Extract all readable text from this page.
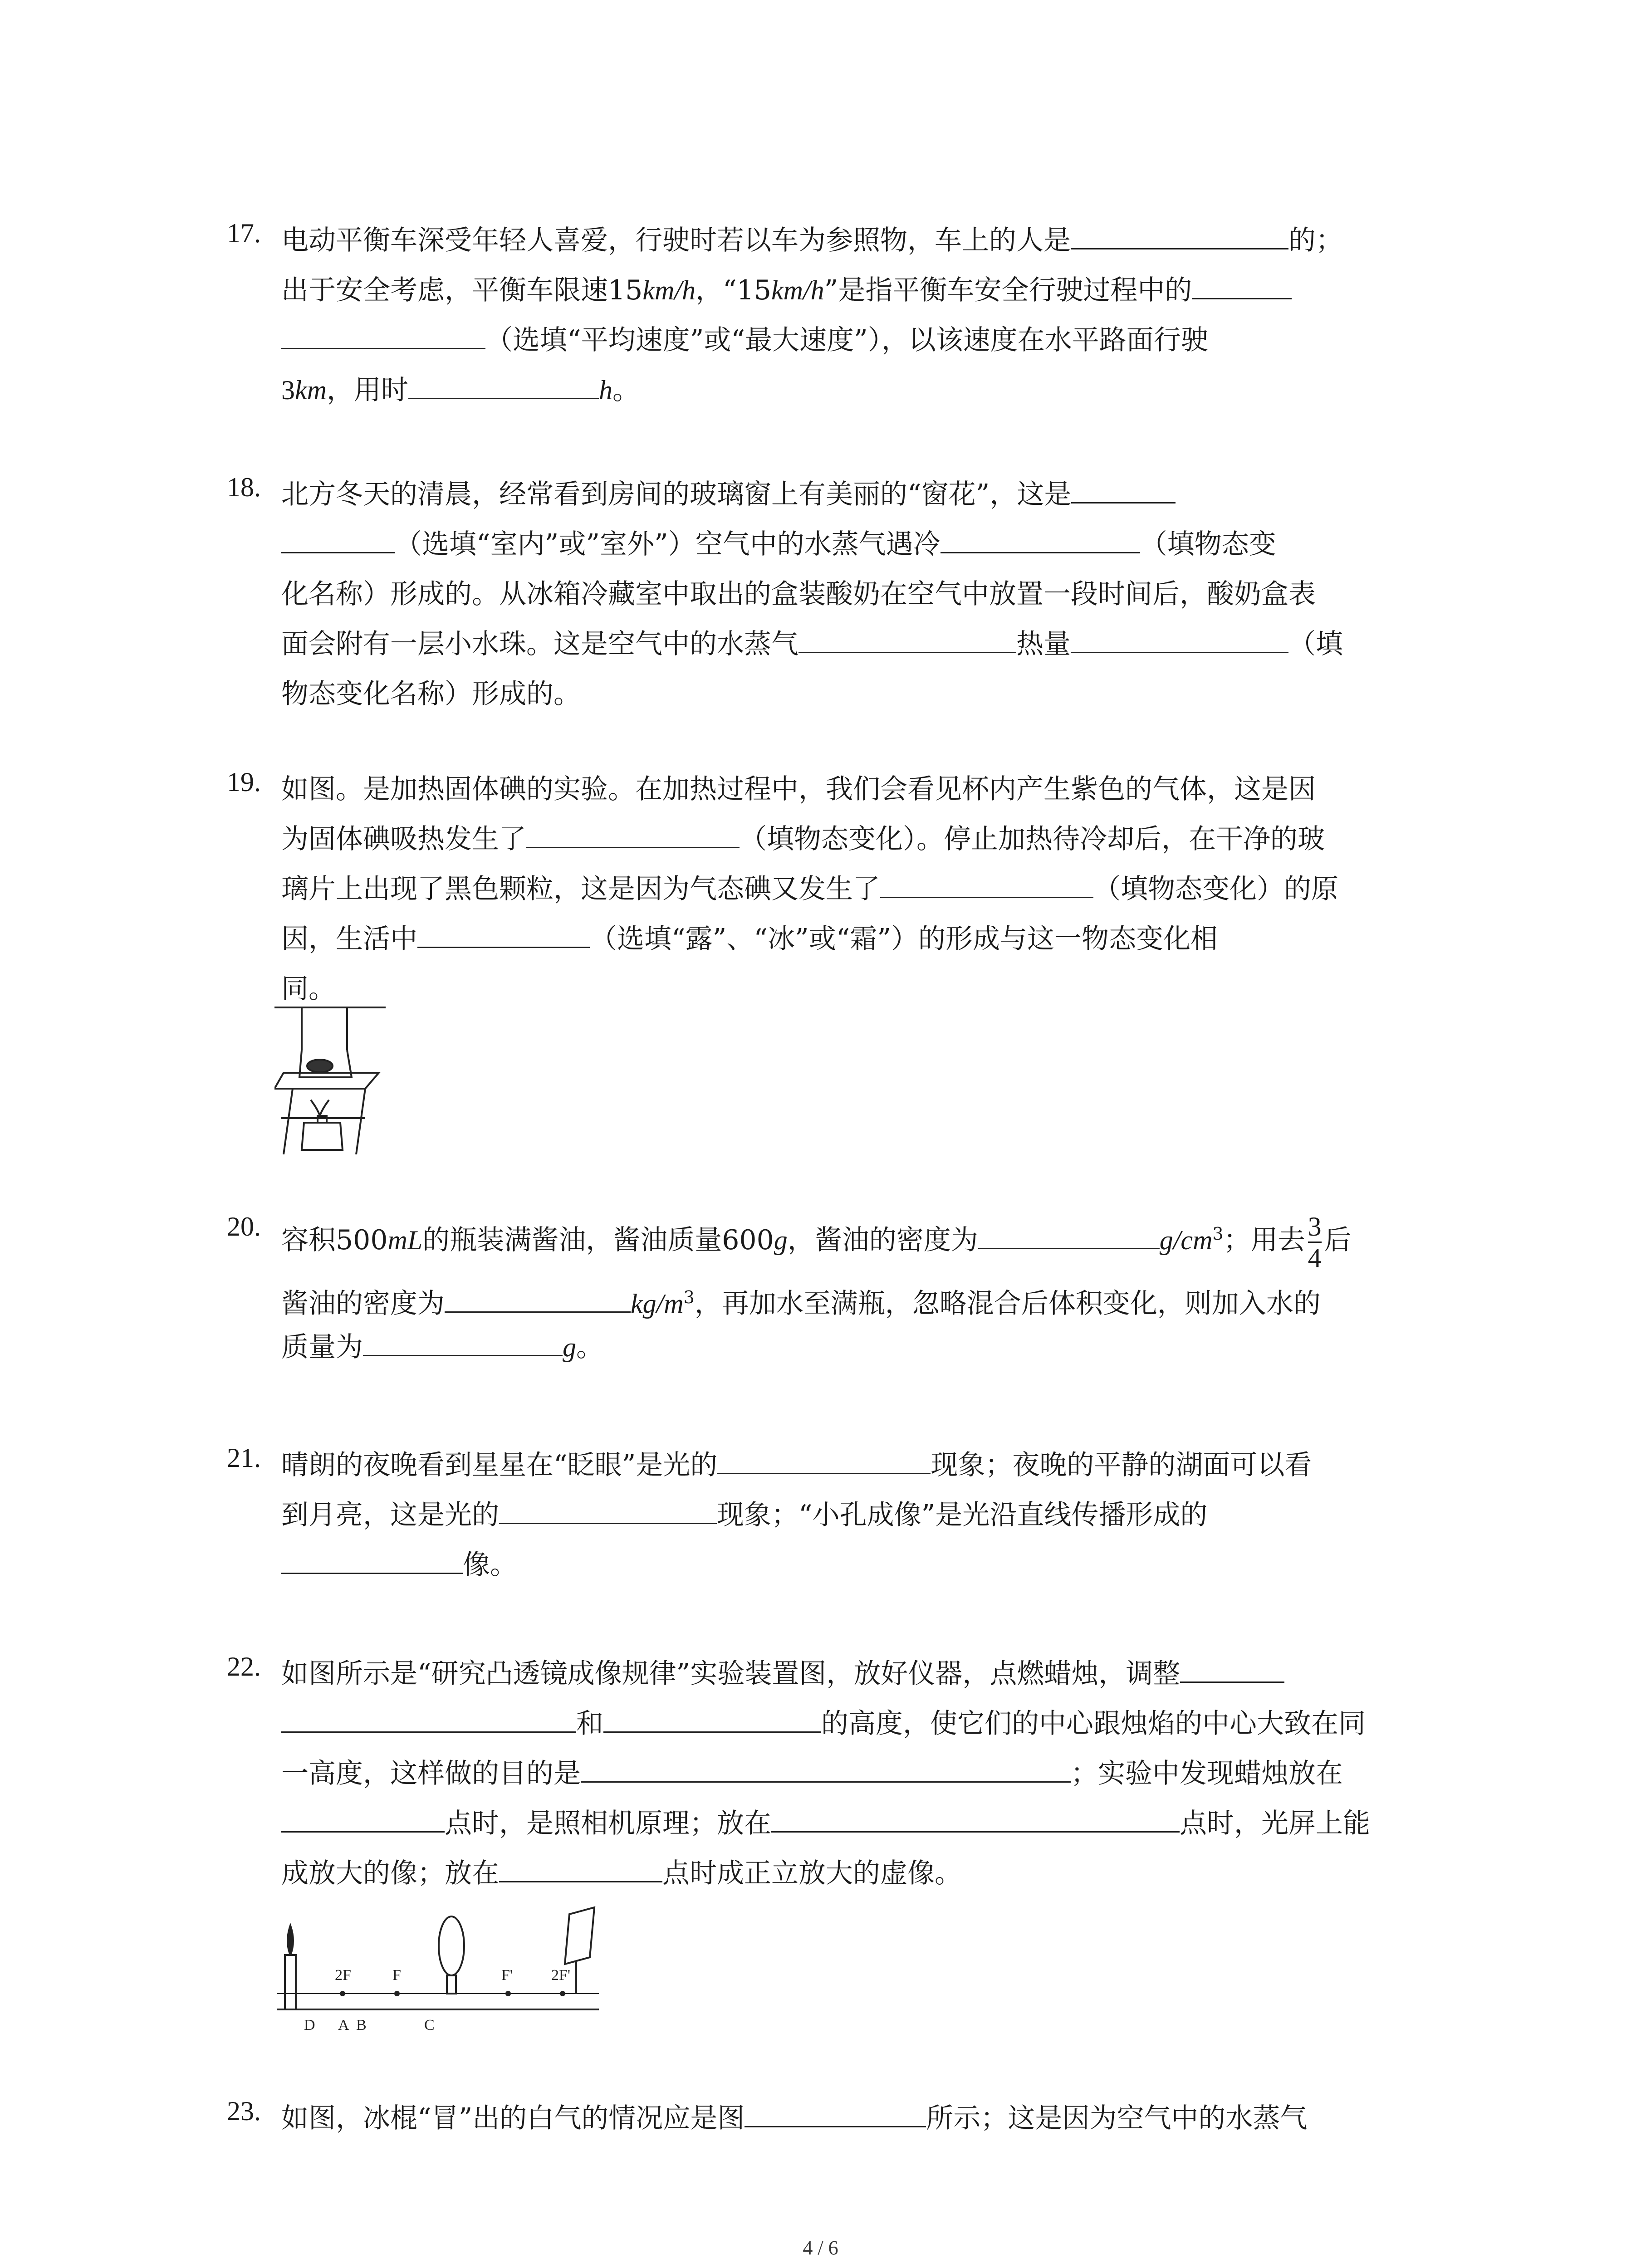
17. 电动平衡车深受年轻人喜爱，行驶时若以车为参照物，车上的人是	的；
出于安全考虑，平衡车限速15km/h，“15km/h”是指平衡车安全行驶过程中的
（选填“平均速度”或“最大速度”），以该速度在水平路面行驶
3km，用时	h。
18. 北方冬天的清晨，经常看到房间的玻璃窗上有美丽的“窗花”，这是
（选填“室内”或”室外”）空气中的水蒸气遇冷	（填物态变
化名称）形成的。从冰箱冷藏室中取出的盒装酸奶在空气中放置一段时间后，酸奶盒表
面会附有一层小水珠。这是空气中的水蒸气	热量	（填
物态变化名称）形成的。
19. 如图。是加热固体碘的实验。在加热过程中，我们会看见杯内产生紫色的气体，这是因
为固体碘吸热发生了	（填物态变化）。停止加热待冷却后，在干净的玻
璃片上出现了黑色颗粒，这是因为气态碘又发生了	（填物态变化）的原
因，生活中	（选填“露”、“冰”或“霜”）的形成与这一物态变化相
同。
20. 容积500mL的瓶装满酱油，酱油质量600g，酱油的密度为	$g/cm^3$；用去 $\frac{3}{4}$ 后
酱油的密度为	$kg/m^3$，再加水至满瓶，忽略混合后体积变化，则加入水的
质量为	g。
21. 晴朗的夜晚看到星星在“眨眼”是光的	现象；夜晚的平静的湖面可以看
到月亮，这是光的	现象；“小孔成像”是光沿直线传播形成的
像。
22. 如图所示是“研究凸透镜成像规律”实验装置图，放好仪器，点燃蜡烛，调整
和	的高度，使它们的中心跟烛焰的中心大致在同
一高度，这样做的目的是	；实验中发现蜡烛放在
点时，是照相机原理；放在	点时，光屏上能
成放大的像；放在	点时成正立放大的虚像。
2F	F	F' 2F'
D A B	C
23. 如图，冰棍“冒”出的白气的情况应是图	所示；这是因为空气中的水蒸气
4 / 6
